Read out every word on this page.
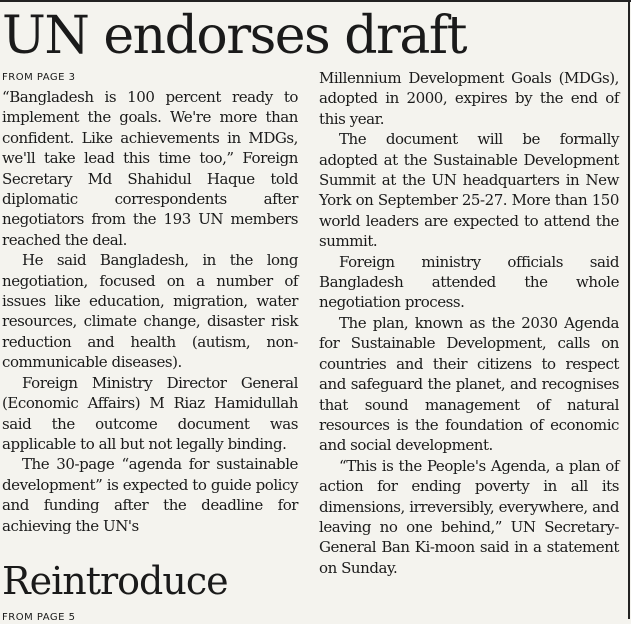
UN endorses draft
FROM PAGE 3

“Bangladesh is 100 percent ready to implement the goals. We're more than confident. Like achievements in MDGs, we'll take lead this time too,” Foreign Secretary Md Shahidul Haque told diplomatic correspondents after negotiators from the 193 UN members reached the deal.

He said Bangladesh, in the long negotiation, focused on a number of issues like education, migration, water resources, climate change, disaster risk reduction and health (autism, non-communicable diseases).

Foreign Ministry Director General (Economic Affairs) M Riaz Hamidullah said the outcome document was applicable to all but not legally binding.

The 30-page “agenda for sustainable development” is expected to guide policy and funding after the deadline for achieving the UN's

Millennium Development Goals (MDGs), adopted in 2000, expires by the end of this year.

The document will be formally adopted at the Sustainable Development Summit at the UN headquarters in New York on September 25-27. More than 150 world leaders are expected to attend the summit.

Foreign ministry officials said Bangladesh attended the whole negotiation process.

The plan, known as the 2030 Agenda for Sustainable Development, calls on countries and their citizens to respect and safeguard the planet, and recognises that sound management of natural resources is the foundation of economic and social development.

“This is the People's Agenda, a plan of action for ending poverty in all its dimensions, irreversibly, everywhere, and leaving no one behind,” UN Secretary-General Ban Ki-moon said in a statement on Sunday.

Reintroduce
FROM PAGE 5
